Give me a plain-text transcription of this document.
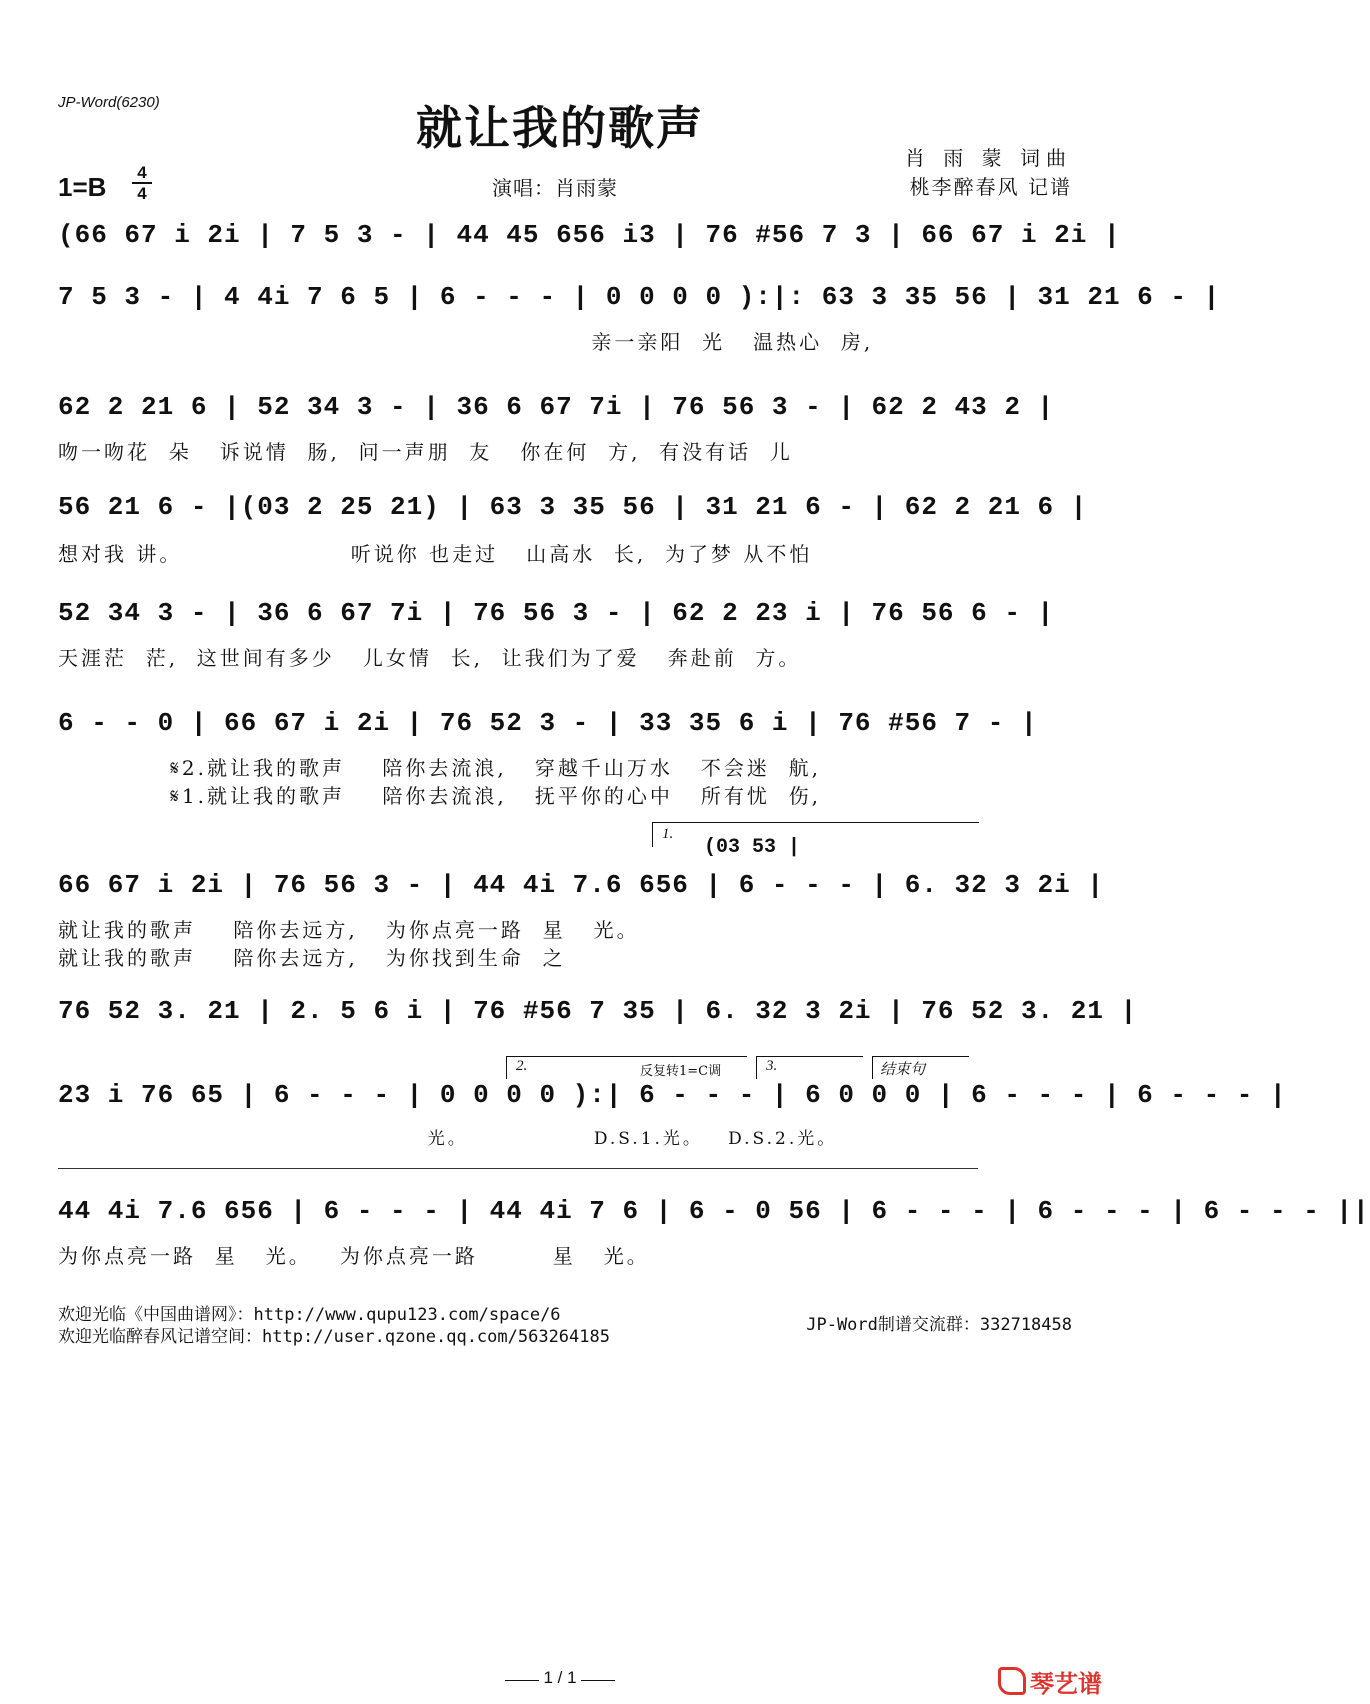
JP-Word(6230)	就让我的歌声
肖 雨 蒙 词曲
桃李醉春风 记谱
演唱：肖雨蒙
1=B	4
4
(66 67 i 2i | 7 5 3 - | 44 45 656 i3 | 76 #56 7 3 | 66 67 i 2i |
7 5 3 - | 4 4i 7 6 5 | 6 - - - | 0 0 0 0 ):|: 63 3 35 56 | 31 21 6 - |
亲一亲阳  光   温热心  房,
62 2 21 6 | 52 34 3 - | 36 6 67 7i | 76 56 3 - | 62 2 43 2 |
吻一吻花  朵   诉说情  肠,  问一声朋  友   你在何  方,  有没有话  儿
56 21 6 - |(03 2 25 21) | 63 3 35 56 | 31 21 6 - | 62 2 21 6 |
想对我 讲。                  听说你 也走过   山高水  长,  为了梦 从不怕
52 34 3 - | 36 6 67 7i | 76 56 3 - | 62 2 23 i | 76 56 6 - |
天涯茫  茫,  这世间有多少   儿女情  长,  让我们为了爱   奔赴前  方。
6 - - 0 | 66 67 i 2i | 76 52 3 - | 33 35 6 i | 76 #56 7 - |
𝄋2.就让我的歌声    陪你去流浪,   穿越千山万水   不会迷  航,
𝄋1.就让我的歌声    陪你去流浪,   抚平你的心中   所有忧  伤,
1.
(03 53 |
66 67 i 2i | 76 56 3 - | 44 4i 7.6 656 | 6 - - - | 6. 32 3 2i |
就让我的歌声    陪你去远方,   为你点亮一路  星   光。
就让我的歌声    陪你去远方,   为你找到生命  之
76 52 3. 21 | 2. 5 6 i | 76 #56 7 35 | 6. 32 3 2i | 76 52 3. 21 |
2.	反复转1=C调	3.	结束句
23 i 76 65 | 6 - - - | 0 0 0 0 ):| 6 - - - | 6 0 0 0 | 6 - - - | 6 - - - |
光。               D.S.1.光。   D.S.2.光。
44 4i 7.6 656 | 6 - - - | 44 4i 7 6 | 6 - 0 56 | 6 - - - | 6 - - - | 6 - - - ||
为你点亮一路  星   光。   为你点亮一路        星   光。
欢迎光临《中国曲谱网》：http://www.qupu123.com/space/6
欢迎光临醉春风记谱空间：http://user.qzone.qq.com/563264185
JP-Word制谱交流群：332718458
1 / 1	琴艺谱
